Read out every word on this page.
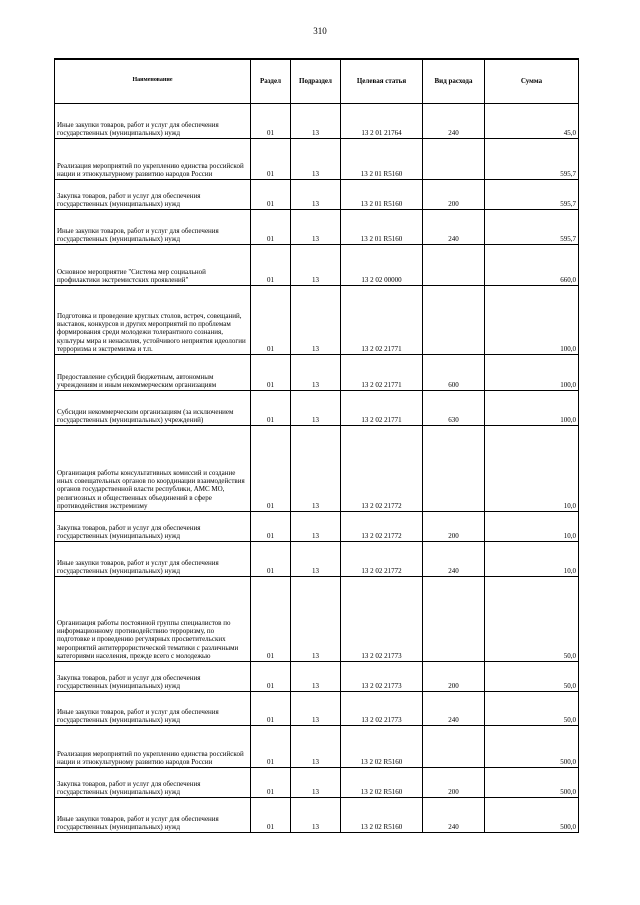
310
Наименование	Раздел	Подраздел	Целевая статья	Вид расхода	Сумма
Иные закупки товаров, работ и услуг для обеспечения государственных (муниципальных) нужд	01	13	13 2 01 21764	240	45,0
Реализация мероприятий по укреплению единства российской нации и этнокультурному развитию народов России	01	13	13 2 01 R5160		595,7
Закупка товаров, работ и услуг для обеспечения государственных (муниципальных) нужд	01	13	13 2 01 R5160	200	595,7
Иные закупки товаров, работ и услуг для обеспечения государственных (муниципальных) нужд	01	13	13 2 01 R5160	240	595,7
Основное мероприятие "Система мер социальной профилактики экстремистских проявлений"	01	13	13 2 02 00000		660,0
Подготовка и проведение круглых столов, встреч, совещаний, выставок, конкурсов и других мероприятий по проблемам формирования среди молодежи толерантного сознания, культуры мира и ненасилия, устойчивого неприятия идеологии терроризма и экстремизма и т.п.	01	13	13 2 02 21771		100,0
Предоставление субсидий бюджетным, автономным учреждениям и иным некоммерческим организациям	01	13	13 2 02 21771	600	100,0
Субсидии некоммерческим организациям (за исключением государственных (муниципальных) учреждений)	01	13	13 2 02 21771	630	100,0
Организация работы консультативных комиссий и создание иных совещательных органов по координации взаимодействия органов государственной власти республики, АМС МО, религиозных и общественных объединений в сфере противодействия экстремизму	01	13	13 2 02 21772		10,0
Закупка товаров, работ и услуг для обеспечения государственных (муниципальных) нужд	01	13	13 2 02 21772	200	10,0
Иные закупки товаров, работ и услуг для обеспечения государственных (муниципальных) нужд	01	13	13 2 02 21772	240	10,0
Организация работы постоянной группы специалистов по информационному противодействию терроризму, по подготовке и проведению регулярных просветительских мероприятий антитеррористической тематики с различными категориями населения, прежде всего с молодежью	01	13	13 2 02 21773		50,0
Закупка товаров, работ и услуг для обеспечения государственных (муниципальных) нужд	01	13	13 2 02 21773	200	50,0
Иные закупки товаров, работ и услуг для обеспечения государственных (муниципальных) нужд	01	13	13 2 02 21773	240	50,0
Реализация мероприятий по укреплению единства российской нации и этнокультурному развитию народов России	01	13	13 2 02 R5160		500,0
Закупка товаров, работ и услуг для обеспечения государственных (муниципальных) нужд	01	13	13 2 02 R5160	200	500,0
Иные закупки товаров, работ и услуг для обеспечения государственных (муниципальных) нужд	01	13	13 2 02 R5160	240	500,0
